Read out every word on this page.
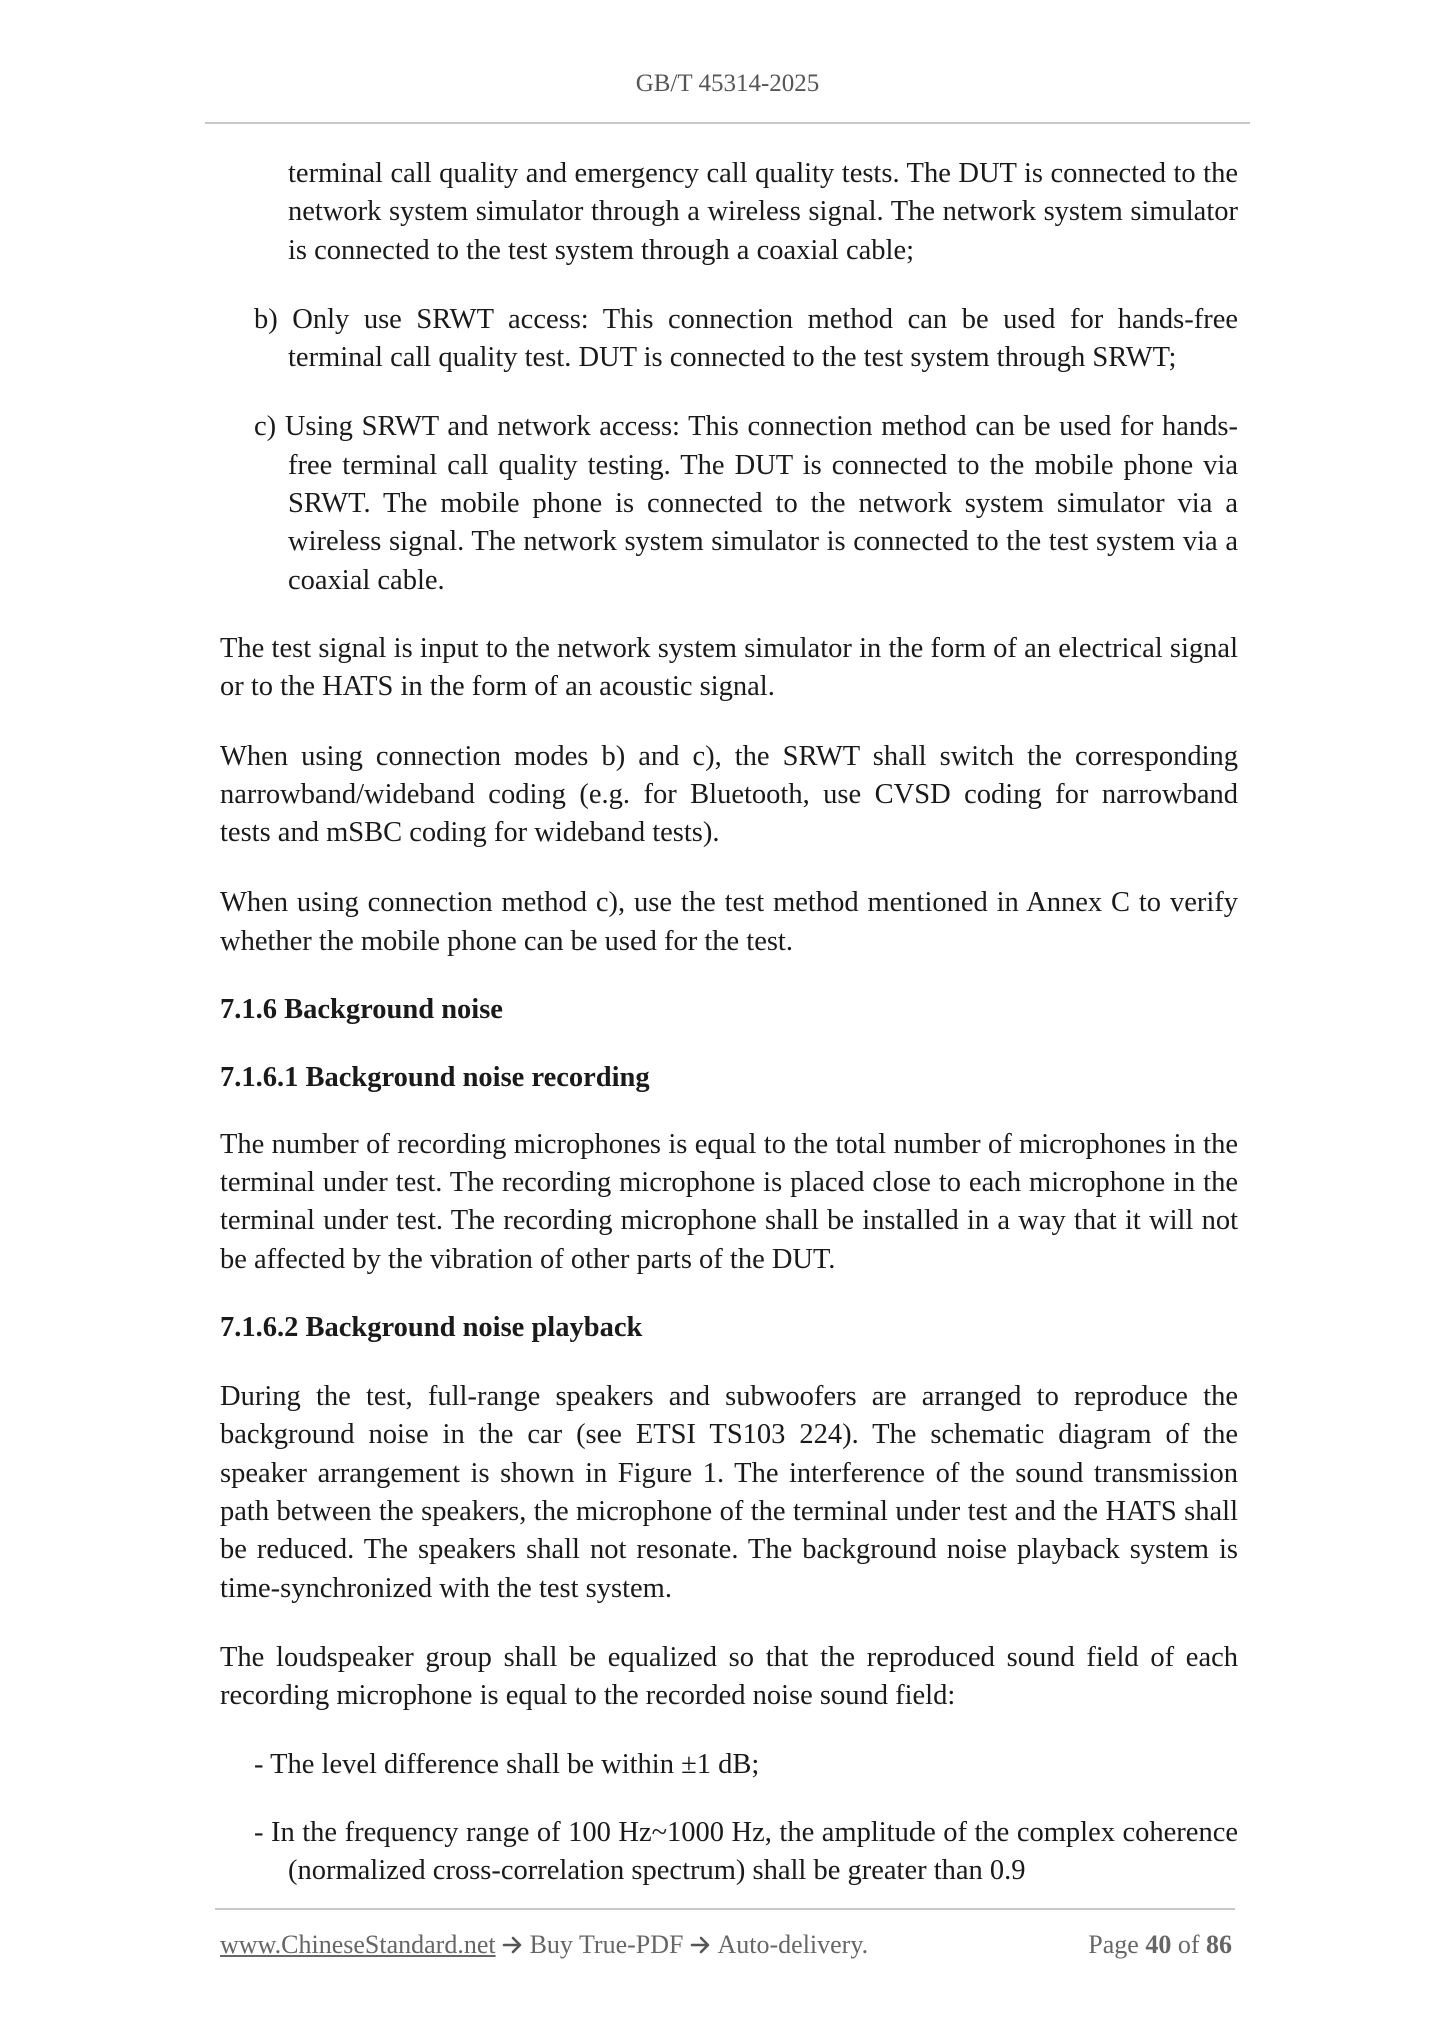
GB/T 45314-2025

terminal call quality and emergency call quality tests. The DUT is connected to the network system simulator through a wireless signal. The network system simulator is connected to the test system through a coaxial cable;

b) Only use SRWT access: This connection method can be used for hands-free terminal call quality test. DUT is connected to the test system through SRWT;

c) Using SRWT and network access: This connection method can be used for hands-free terminal call quality testing. The DUT is connected to the mobile phone via SRWT. The mobile phone is connected to the network system simulator via a wireless signal. The network system simulator is connected to the test system via a coaxial cable.

The test signal is input to the network system simulator in the form of an electrical signal or to the HATS in the form of an acoustic signal.

When using connection modes b) and c), the SRWT shall switch the corresponding narrowband/wideband coding (e.g. for Bluetooth, use CVSD coding for narrowband tests and mSBC coding for wideband tests).

When using connection method c), use the test method mentioned in Annex C to verify whether the mobile phone can be used for the test.

7.1.6 Background noise

7.1.6.1 Background noise recording

The number of recording microphones is equal to the total number of microphones in the terminal under test. The recording microphone is placed close to each microphone in the terminal under test. The recording microphone shall be installed in a way that it will not be affected by the vibration of other parts of the DUT.

7.1.6.2 Background noise playback

During the test, full-range speakers and subwoofers are arranged to reproduce the background noise in the car (see ETSI TS103 224). The schematic diagram of the speaker arrangement is shown in Figure 1. The interference of the sound transmission path between the speakers, the microphone of the terminal under test and the HATS shall be reduced. The speakers shall not resonate. The background noise playback system is time-synchronized with the test system.

The loudspeaker group shall be equalized so that the reproduced sound field of each recording microphone is equal to the recorded noise sound field:

- The level difference shall be within ±1 dB;

- In the frequency range of 100 Hz~1000 Hz, the amplitude of the complex coherence (normalized cross-correlation spectrum) shall be greater than 0.9

www.ChineseStandard.net Buy True-PDF Auto-delivery.	Page 40 of 86
